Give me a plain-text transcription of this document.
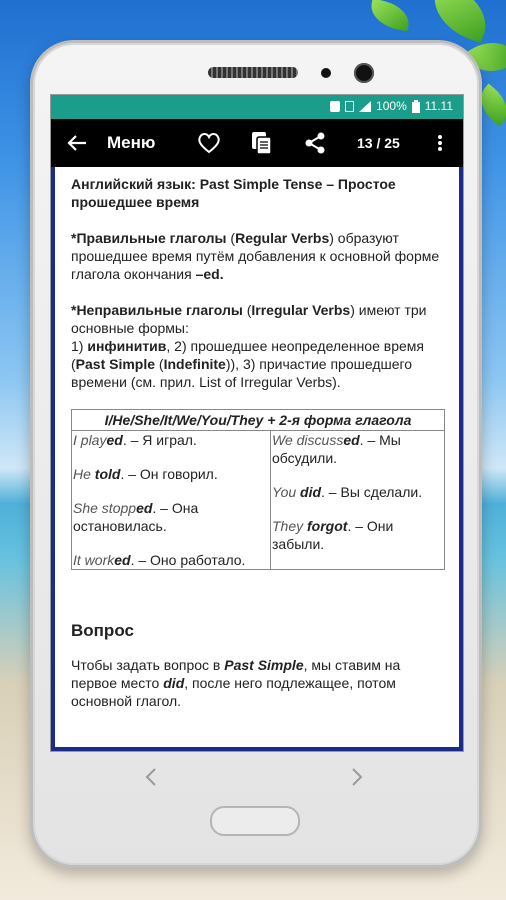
100% 11.11
Меню	13 / 25

Английский язык: Past Simple Tense – Простое прошедшее время

*Правильные глаголы (Regular Verbs) образуют прошедшее время путём добавления к основной форме глагола окончания –ed.

*Неправильные глаголы (Irregular Verbs) имеют три основные формы:
1) инфинитив, 2) прошедшее неопределенное время (Past Simple (Indefinite)), 3) причастие прошедшего времени (см. прил. List of Irregular Verbs).

I/He/She/It/We/You/They + 2-я форма глагола

I played. – Я играл.
He told. – Он говорил.
She stopped. – Она остановилась.
It worked. – Оно работало.

We discussed. – Мы обсудили.
You did. – Вы сделали.
They forgot. – Они забыли.
Вопрос

Чтобы задать вопрос в Past Simple, мы ставим на первое место did, после него подлежащее, потом основной глагол.
